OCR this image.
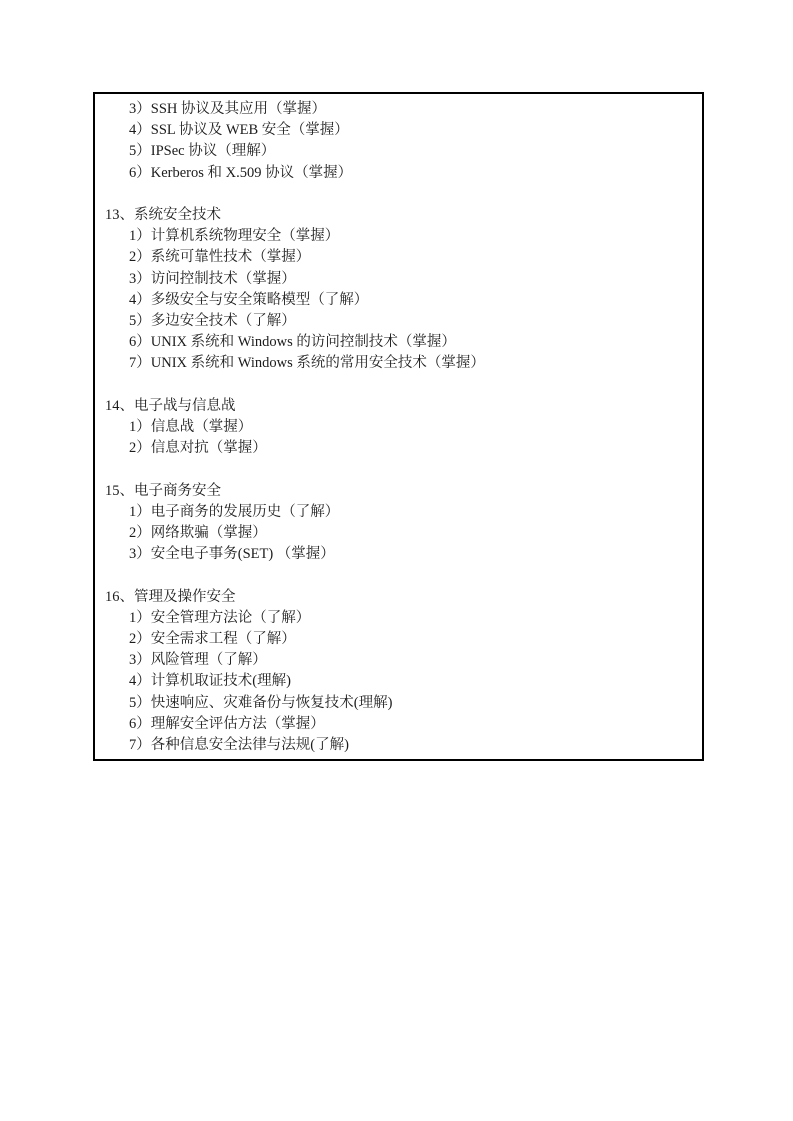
3）SSH 协议及其应用（掌握）
4）SSL 协议及 WEB 安全（掌握）
5）IPSec 协议（理解）
6）Kerberos 和 X.509 协议（掌握）
13、系统安全技术
1）计算机系统物理安全（掌握）
2）系统可靠性技术（掌握）
3）访问控制技术（掌握）
4）多级安全与安全策略模型（了解）
5）多边安全技术（了解）
6）UNIX 系统和 Windows 的访问控制技术（掌握）
7）UNIX 系统和 Windows 系统的常用安全技术（掌握）
14、电子战与信息战
1）信息战（掌握）
2）信息对抗（掌握）
15、电子商务安全
1）电子商务的发展历史（了解）
2）网络欺骗（掌握）
3）安全电子事务(SET) （掌握）
16、管理及操作安全
1）安全管理方法论（了解）
2）安全需求工程（了解）
3）风险管理（了解）
4）计算机取证技术(理解)
5）快速响应、灾难备份与恢复技术(理解)
6）理解安全评估方法（掌握）
7）各种信息安全法律与法规(了解)
